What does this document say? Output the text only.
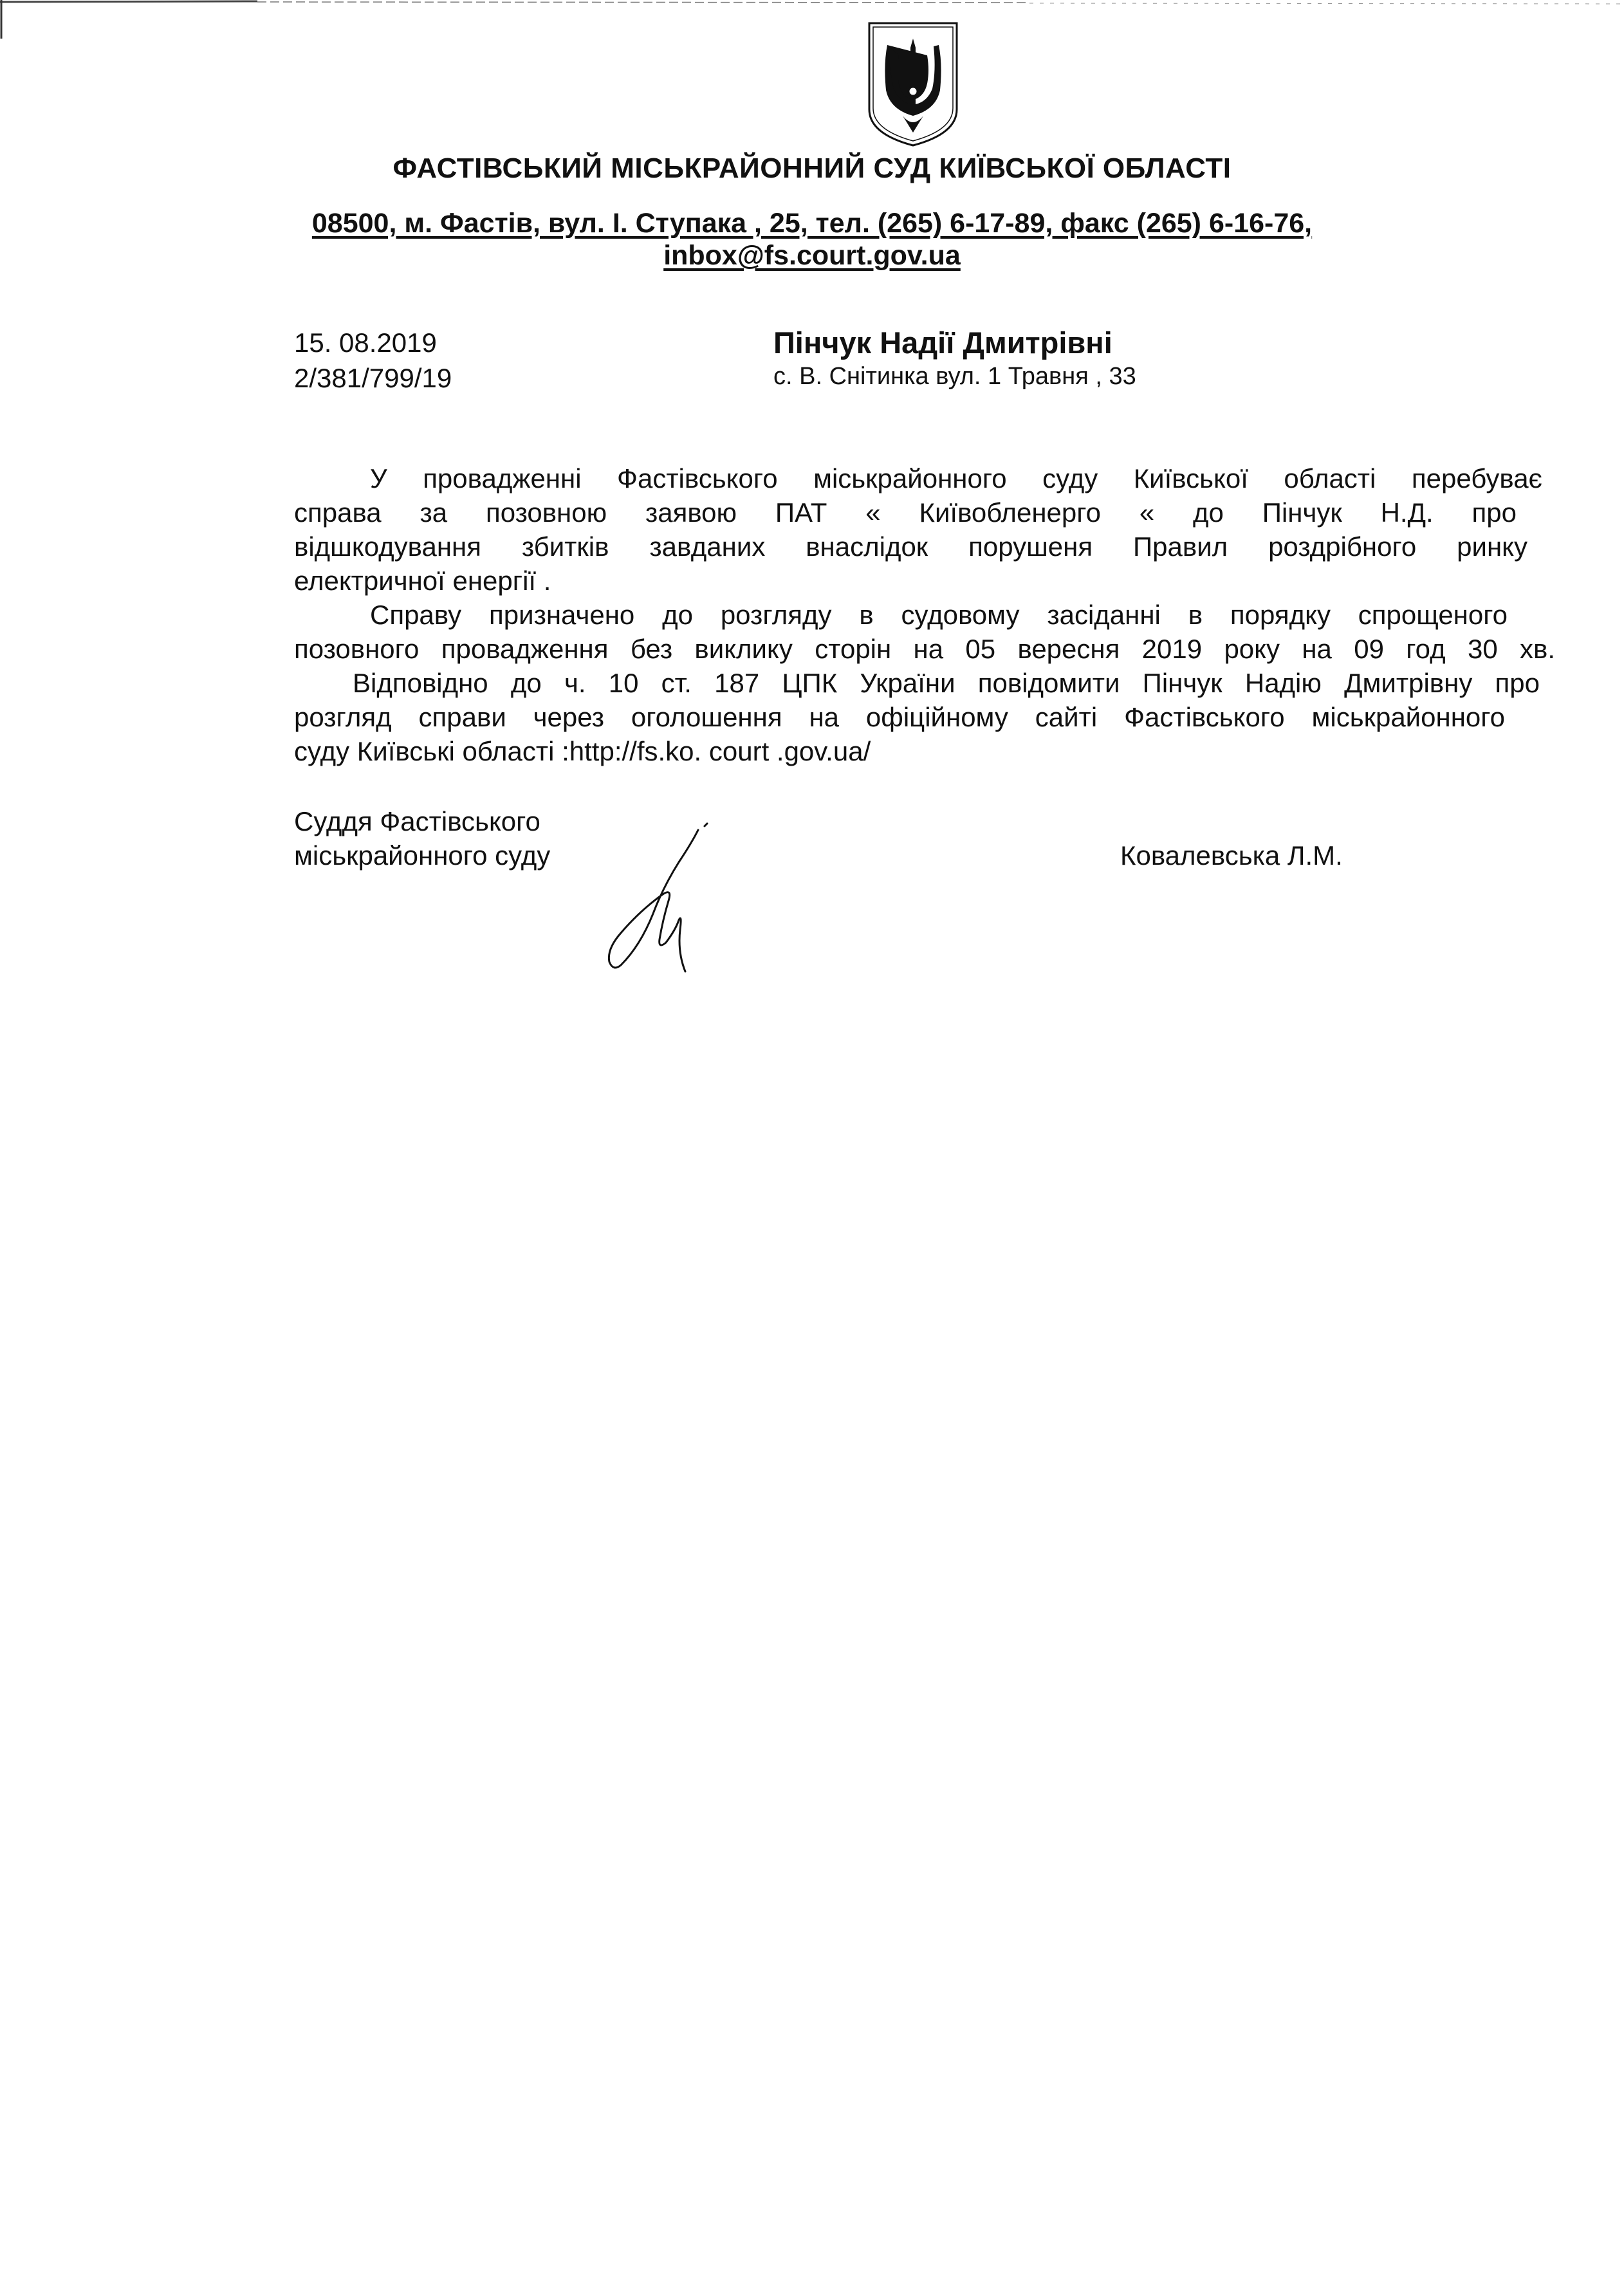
ФАСТІВСЬКИЙ МІСЬКРАЙОННИЙ СУД КИЇВСЬКОЇ ОБЛАСТІ
08500, м. Фастів, вул. І. Ступака , 25, тел. (265) 6-17-89, факс (265) 6-16-76,
inbox@fs.court.gov.ua
15. 08.2019
2/381/799/19
Пінчук Надії Дмитрівні
с. В. Снітинка вул. 1 Травня , 33
У провадженні Фастівського міськрайонного суду Київської області перебуває
справа за позовною заявою ПАТ « Київобленерго « до Пінчук Н.Д. про
відшкодування збитків завданих внаслідок порушеня Правил роздрібного ринку
електричної енергії .
Справу призначено до розгляду в судовому засіданні в порядку спрощеного
позовного провадження без виклику сторін на 05 вересня 2019 року на 09 год 30 хв.
Відповідно до ч. 10 ст. 187 ЦПК України повідомити Пінчук Надію Дмитрівну про
розгляд справи через оголошення на офіційному сайті Фастівського міськрайонного
суду Київські області :http://fs.ko. court .gov.ua/
Суддя Фастівського
міськрайонного суду	Ковалевська Л.М.
